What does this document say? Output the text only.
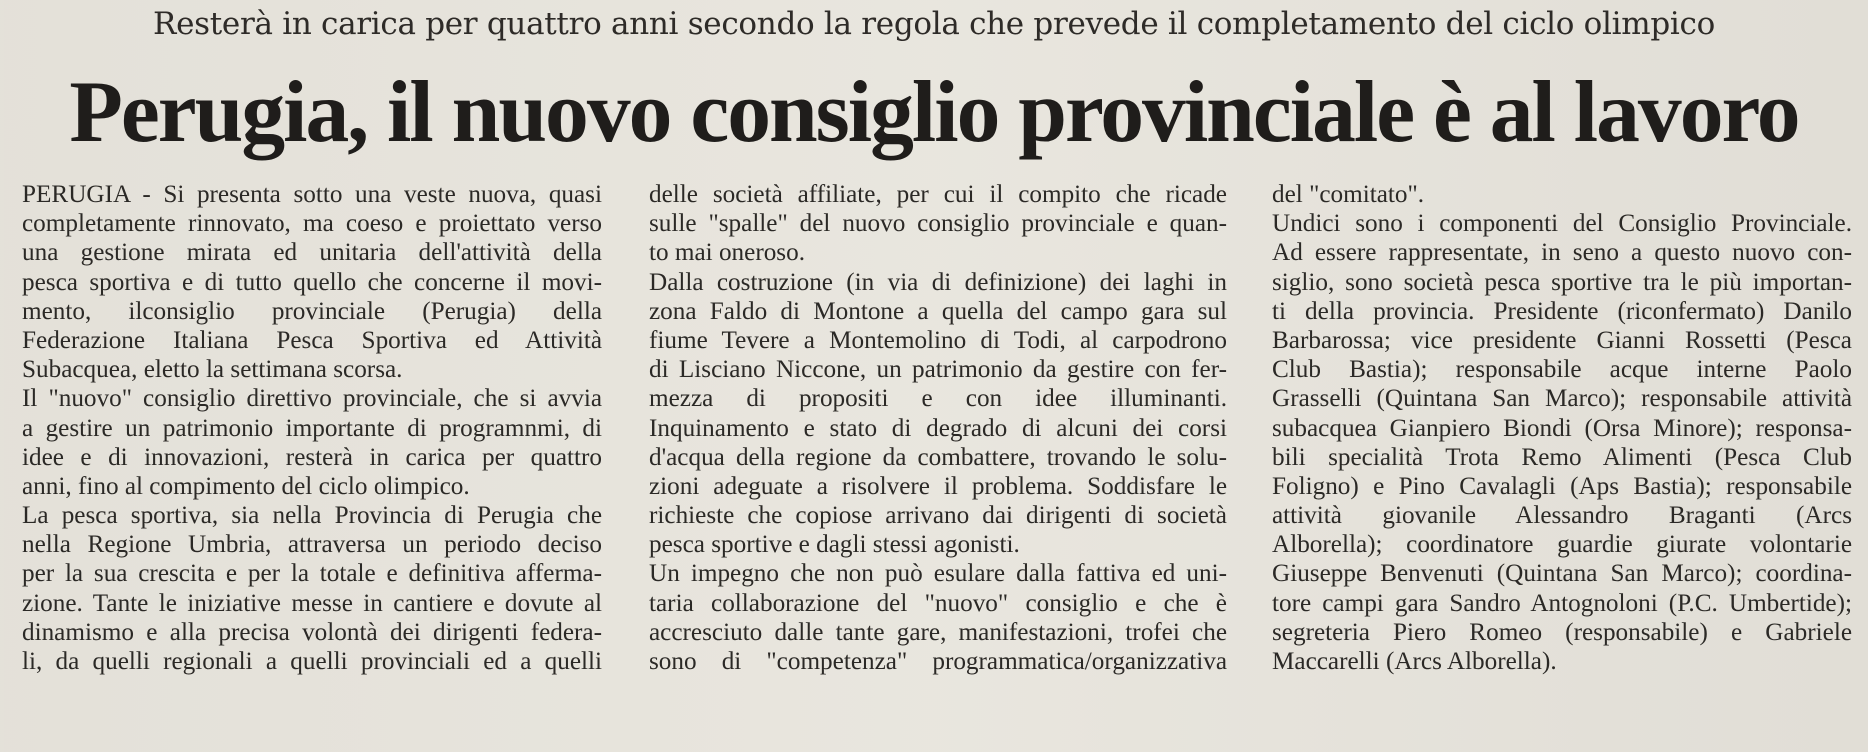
Resterà in carica per quattro anni secondo la regola che prevede il completamento del ciclo olimpico
Perugia, il nuovo consiglio provinciale è al lavoro
PERUGIA - Si presenta sotto una veste nuova, quasi
completamente rinnovato, ma coeso e proiettato verso
una gestione mirata ed unitaria dell'attività della
pesca sportiva e di tutto quello che concerne il movi-
mento, ilconsiglio provinciale (Perugia) della
Federazione Italiana Pesca Sportiva ed Attività
Subacquea, eletto la settimana scorsa.
Il "nuovo" consiglio direttivo provinciale, che si avvia
a gestire un patrimonio importante di programnmi, di
idee e di innovazioni, resterà in carica per quattro
anni, fino al compimento del ciclo olimpico.
La pesca sportiva, sia nella Provincia di Perugia che
nella Regione Umbria, attraversa un periodo deciso
per la sua crescita e per la totale e definitiva afferma-
zione. Tante le iniziative messe in cantiere e dovute al
dinamismo e alla precisa volontà dei dirigenti federa-
li, da quelli regionali a quelli provinciali ed a quelli
delle società affiliate, per cui il compito che ricade
sulle "spalle" del nuovo consiglio provinciale e quan-
to mai oneroso.
Dalla costruzione (in via di definizione) dei laghi in
zona Faldo di Montone a quella del campo gara sul
fiume Tevere a Montemolino di Todi, al carpodrono
di Lisciano Niccone, un patrimonio da gestire con fer-
mezza di propositi e con idee illuminanti.
Inquinamento e stato di degrado di alcuni dei corsi
d'acqua della regione da combattere, trovando le solu-
zioni adeguate a risolvere il problema. Soddisfare le
richieste che copiose arrivano dai dirigenti di società
pesca sportive e dagli stessi agonisti.
Un impegno che non può esulare dalla fattiva ed uni-
taria collaborazione del "nuovo" consiglio e che è
accresciuto dalle tante gare, manifestazioni, trofei che
sono di "competenza" programmatica/organizzativa
del "comitato".
Undici sono i componenti del Consiglio Provinciale.
Ad essere rappresentate, in seno a questo nuovo con-
siglio, sono società pesca sportive tra le più importan-
ti della provincia. Presidente (riconfermato) Danilo
Barbarossa; vice presidente Gianni Rossetti (Pesca
Club Bastia); responsabile acque interne Paolo
Grasselli (Quintana San Marco); responsabile attività
subacquea Gianpiero Biondi (Orsa Minore); responsa-
bili specialità Trota Remo Alimenti (Pesca Club
Foligno) e Pino Cavalagli (Aps Bastia); responsabile
attività giovanile Alessandro Braganti (Arcs
Alborella); coordinatore guardie giurate volontarie
Giuseppe Benvenuti (Quintana San Marco); coordina-
tore campi gara Sandro Antognoloni (P.C. Umbertide);
segreteria Piero Romeo (responsabile) e Gabriele
Maccarelli (Arcs Alborella).
